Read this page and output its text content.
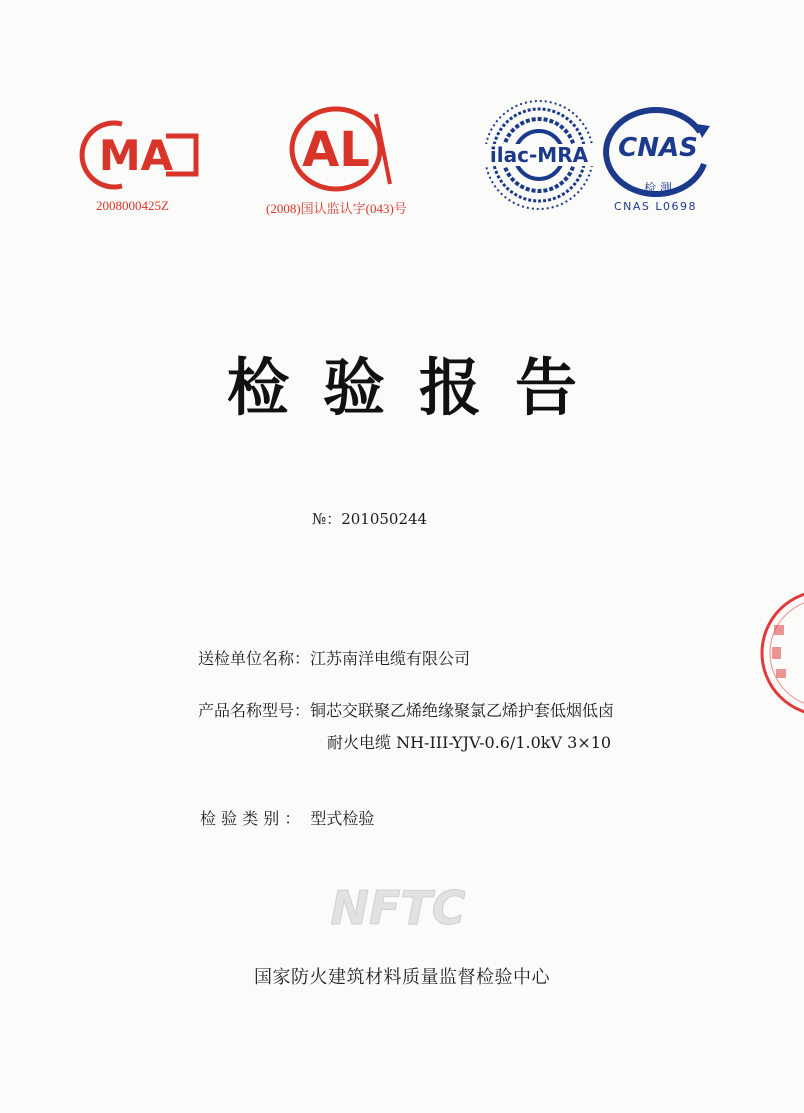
MA
2008000425Z
AL
(2008)国认监认字(043)号
ilac-MRA CNAS
检 测
CNAS L0698
检验报告
№：201050244
送检单位名称：江苏南洋电缆有限公司
产品名称型号：铜芯交联聚乙烯绝缘聚氯乙烯护套低烟低卤
耐火电缆 NH-III-YJV-0.6/1.0kV 3×10
检 验 类 别 ： 型式检验
NFTC
国家防火建筑材料质量监督检验中心
